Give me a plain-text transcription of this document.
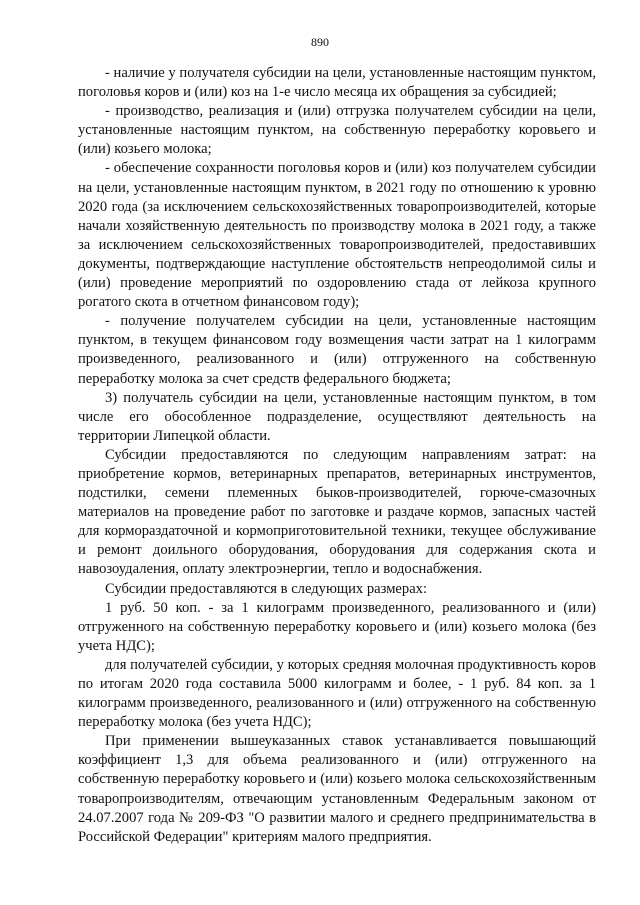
890

- наличие у получателя субсидии на цели, установленные настоящим пунктом, поголовья коров и (или) коз на 1-е число месяца их обращения за субсидией;

- производство, реализация и (или) отгрузка получателем субсидии на цели, установленные настоящим пунктом, на собственную переработку коровьего и (или) козьего молока;

- обеспечение сохранности поголовья коров и (или) коз получателем субсидии на цели, установленные настоящим пунктом, в 2021 году по отношению к уровню 2020 года (за исключением сельскохозяйственных товаропроизводителей, которые начали хозяйственную деятельность по производству молока в 2021 году, а также за исключением сельскохозяйственных товаропроизводителей, предоставивших документы, подтверждающие наступление обстоятельств непреодолимой силы и (или) проведение мероприятий по оздоровлению стада от лейкоза крупного рогатого скота в отчетном финансовом году);

- получение получателем субсидии на цели, установленные настоящим пунктом, в текущем финансовом году возмещения части затрат на 1 килограмм произведенного, реализованного и (или) отгруженного на собственную переработку молока за счет средств федерального бюджета;

3) получатель субсидии на цели, установленные настоящим пунктом, в том числе его обособленное подразделение, осуществляют деятельность на территории Липецкой области.

Субсидии предоставляются по следующим направлениям затрат: на приобретение кормов, ветеринарных препаратов, ветеринарных инструментов, подстилки, семени племенных быков-производителей, горюче-смазочных материалов на проведение работ по заготовке и раздаче кормов, запасных частей для кормораздаточной и кормоприготовительной техники, текущее обслуживание и ремонт доильного оборудования, оборудования для содержания скота и навозоудаления, оплату электроэнергии, тепло и водоснабжения.

Субсидии предоставляются в следующих размерах:

1 руб. 50 коп. - за 1 килограмм произведенного, реализованного и (или) отгруженного на собственную переработку коровьего и (или) козьего молока (без учета НДС);

для получателей субсидии, у которых средняя молочная продуктивность коров по итогам 2020 года составила 5000 килограмм и более, - 1 руб. 84 коп. за 1 килограмм произведенного, реализованного и (или) отгруженного на собственную переработку молока (без учета НДС);

При применении вышеуказанных ставок устанавливается повышающий коэффициент 1,3 для объема реализованного и (или) отгруженного на собственную переработку коровьего и (или) козьего молока сельскохозяйственным товаропроизводителям, отвечающим установленным Федеральным законом от 24.07.2007 года № 209-ФЗ "О развитии малого и среднего предпринимательства в Российской Федерации" критериям малого предприятия.
